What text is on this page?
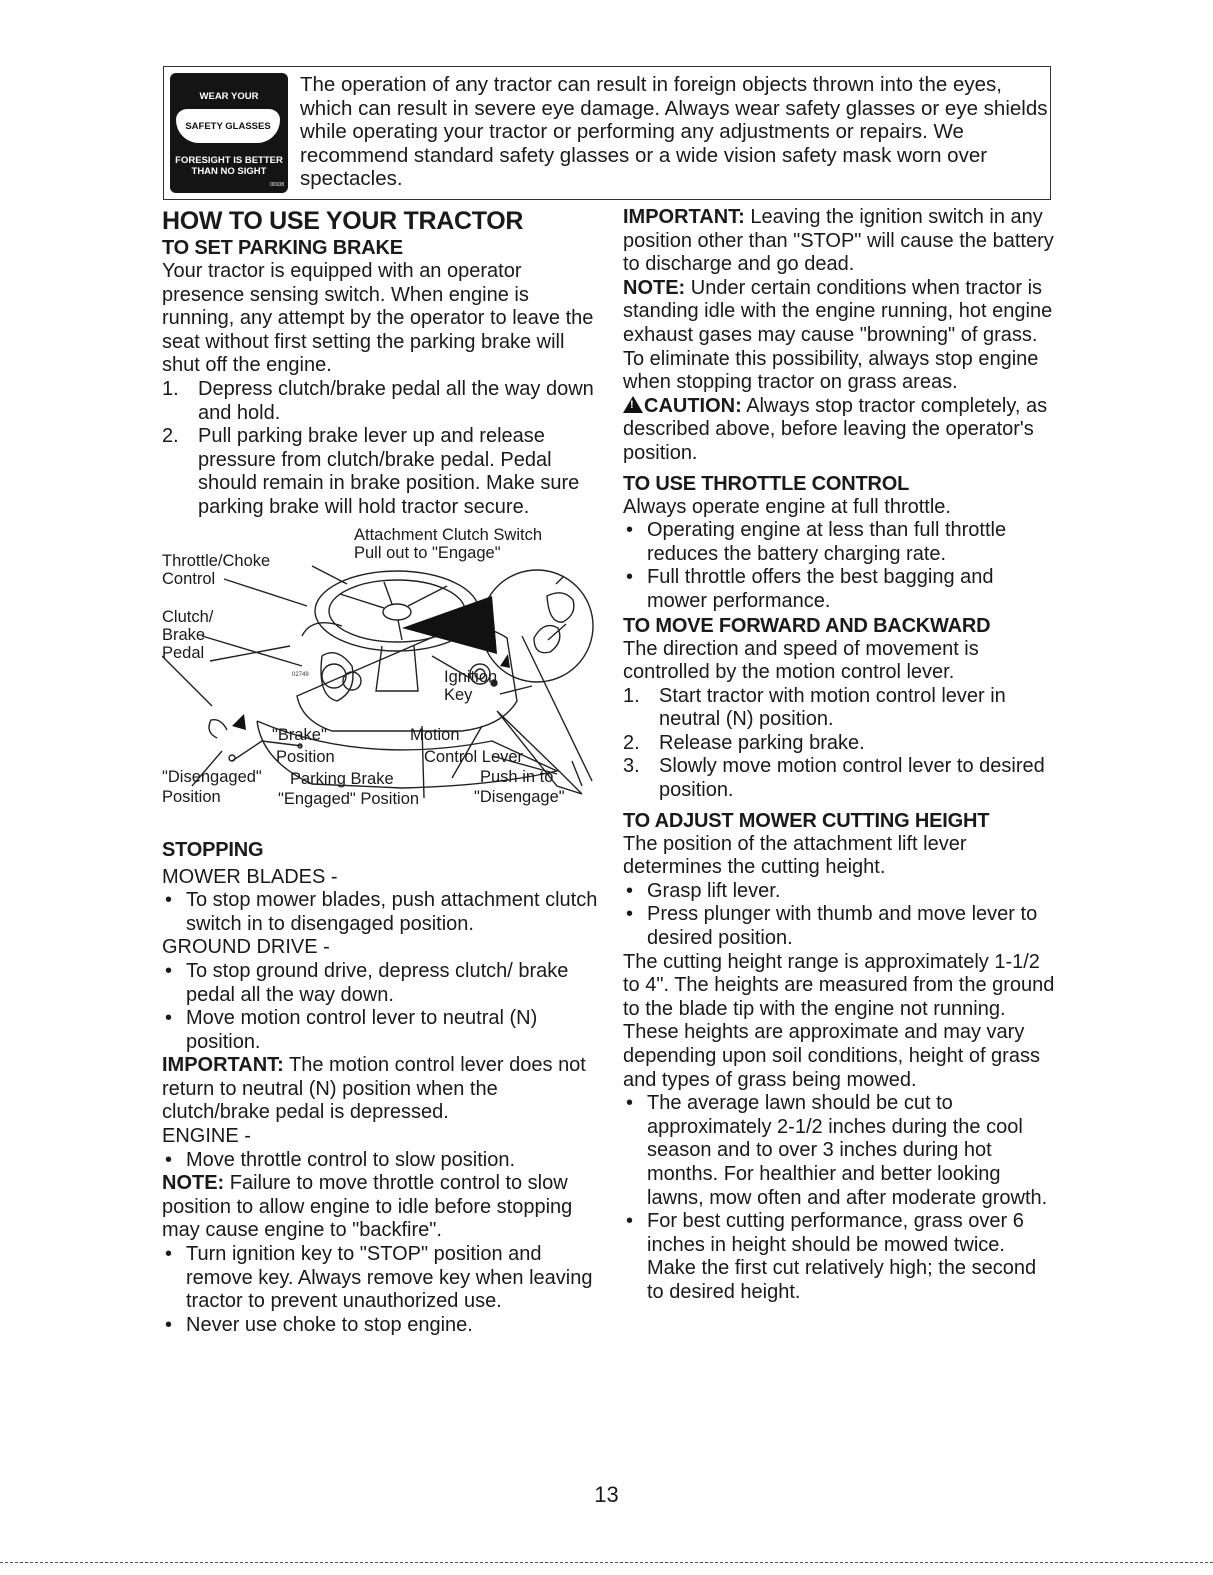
WEAR YOUR
SAFETY GLASSES
FORESIGHT IS BETTER
THAN NO SIGHT
00108
The operation of any tractor can result in foreign objects thrown into the eyes, which can result in severe eye damage. Always wear safety glasses or eye shields while operating your tractor or performing any adjustments or repairs. We recommend standard safety glasses or a wide vision safety mask worn over spectacles.
HOW TO USE YOUR TRACTOR
TO SET PARKING BRAKE

Your tractor is equipped with an operator presence sensing switch. When engine is running, any attempt by the operator to leave the seat without first setting the parking brake will shut off the engine.

1. Depress clutch/brake pedal all the way down and hold.
2. Pull parking brake lever up and release pressure from clutch/brake pedal. Pedal should remain in brake position. Make sure parking brake will hold tractor secure.
02749
Attachment Clutch Switch
Pull out to "Engage"
Throttle/Choke
Control
Clutch/
Brake
Pedal
Ignition
Key
"Brake"
Position
Motion
Control Lever
"Disengaged"
Position
Parking Brake
"Engaged" Position
Push in to
"Disengage"
STOPPING

MOWER BLADES -

• To stop mower blades, push attachment clutch switch in to disengaged position.

GROUND DRIVE -

• To stop ground drive, depress clutch/ brake pedal all the way down.
• Move motion control lever to neutral (N) position.

IMPORTANT: The motion control lever does not return to neutral (N) position when the clutch/brake pedal is depressed.

ENGINE -

• Move throttle control to slow position.

NOTE: Failure to move throttle control to slow position to allow engine to idle before stopping may cause engine to "backfire".

• Turn ignition key to "STOP" position and remove key. Always remove key when leaving tractor to prevent unauthorized use.
• Never use choke to stop engine.

IMPORTANT: Leaving the ignition switch in any position other than "STOP" will cause the battery to discharge and go dead.

NOTE: Under certain conditions when tractor is standing idle with the engine running, hot engine exhaust gases may cause "browning" of grass. To eliminate this possibility, always stop engine when stopping tractor on grass areas.

!CAUTION: Always stop tractor completely, as described above, before leaving the operator's position.

TO USE THROTTLE CONTROL

Always operate engine at full throttle.

• Operating engine at less than full throttle reduces the battery charging rate.
• Full throttle offers the best bagging and mower performance.
TO MOVE FORWARD AND BACKWARD

The direction and speed of movement is controlled by the motion control lever.

1. Start tractor with motion control lever in neutral (N) position.
2. Release parking brake.
3. Slowly move motion control lever to desired position.
TO ADJUST MOWER CUTTING HEIGHT

The position of the attachment lift lever determines the cutting height.

• Grasp lift lever.
• Press plunger with thumb and move lever to desired position.

The cutting height range is approximately 1-1/2 to 4". The heights are measured from the ground to the blade tip with the engine not running. These heights are approximate and may vary depending upon soil conditions, height of grass and types of grass being mowed.

• The average lawn should be cut to approximately 2-1/2 inches during the cool season and to over 3 inches during hot months. For healthier and better looking lawns, mow often and after moderate growth.
• For best cutting performance, grass over 6 inches in height should be mowed twice. Make the first cut relatively high; the second to desired height.
13
